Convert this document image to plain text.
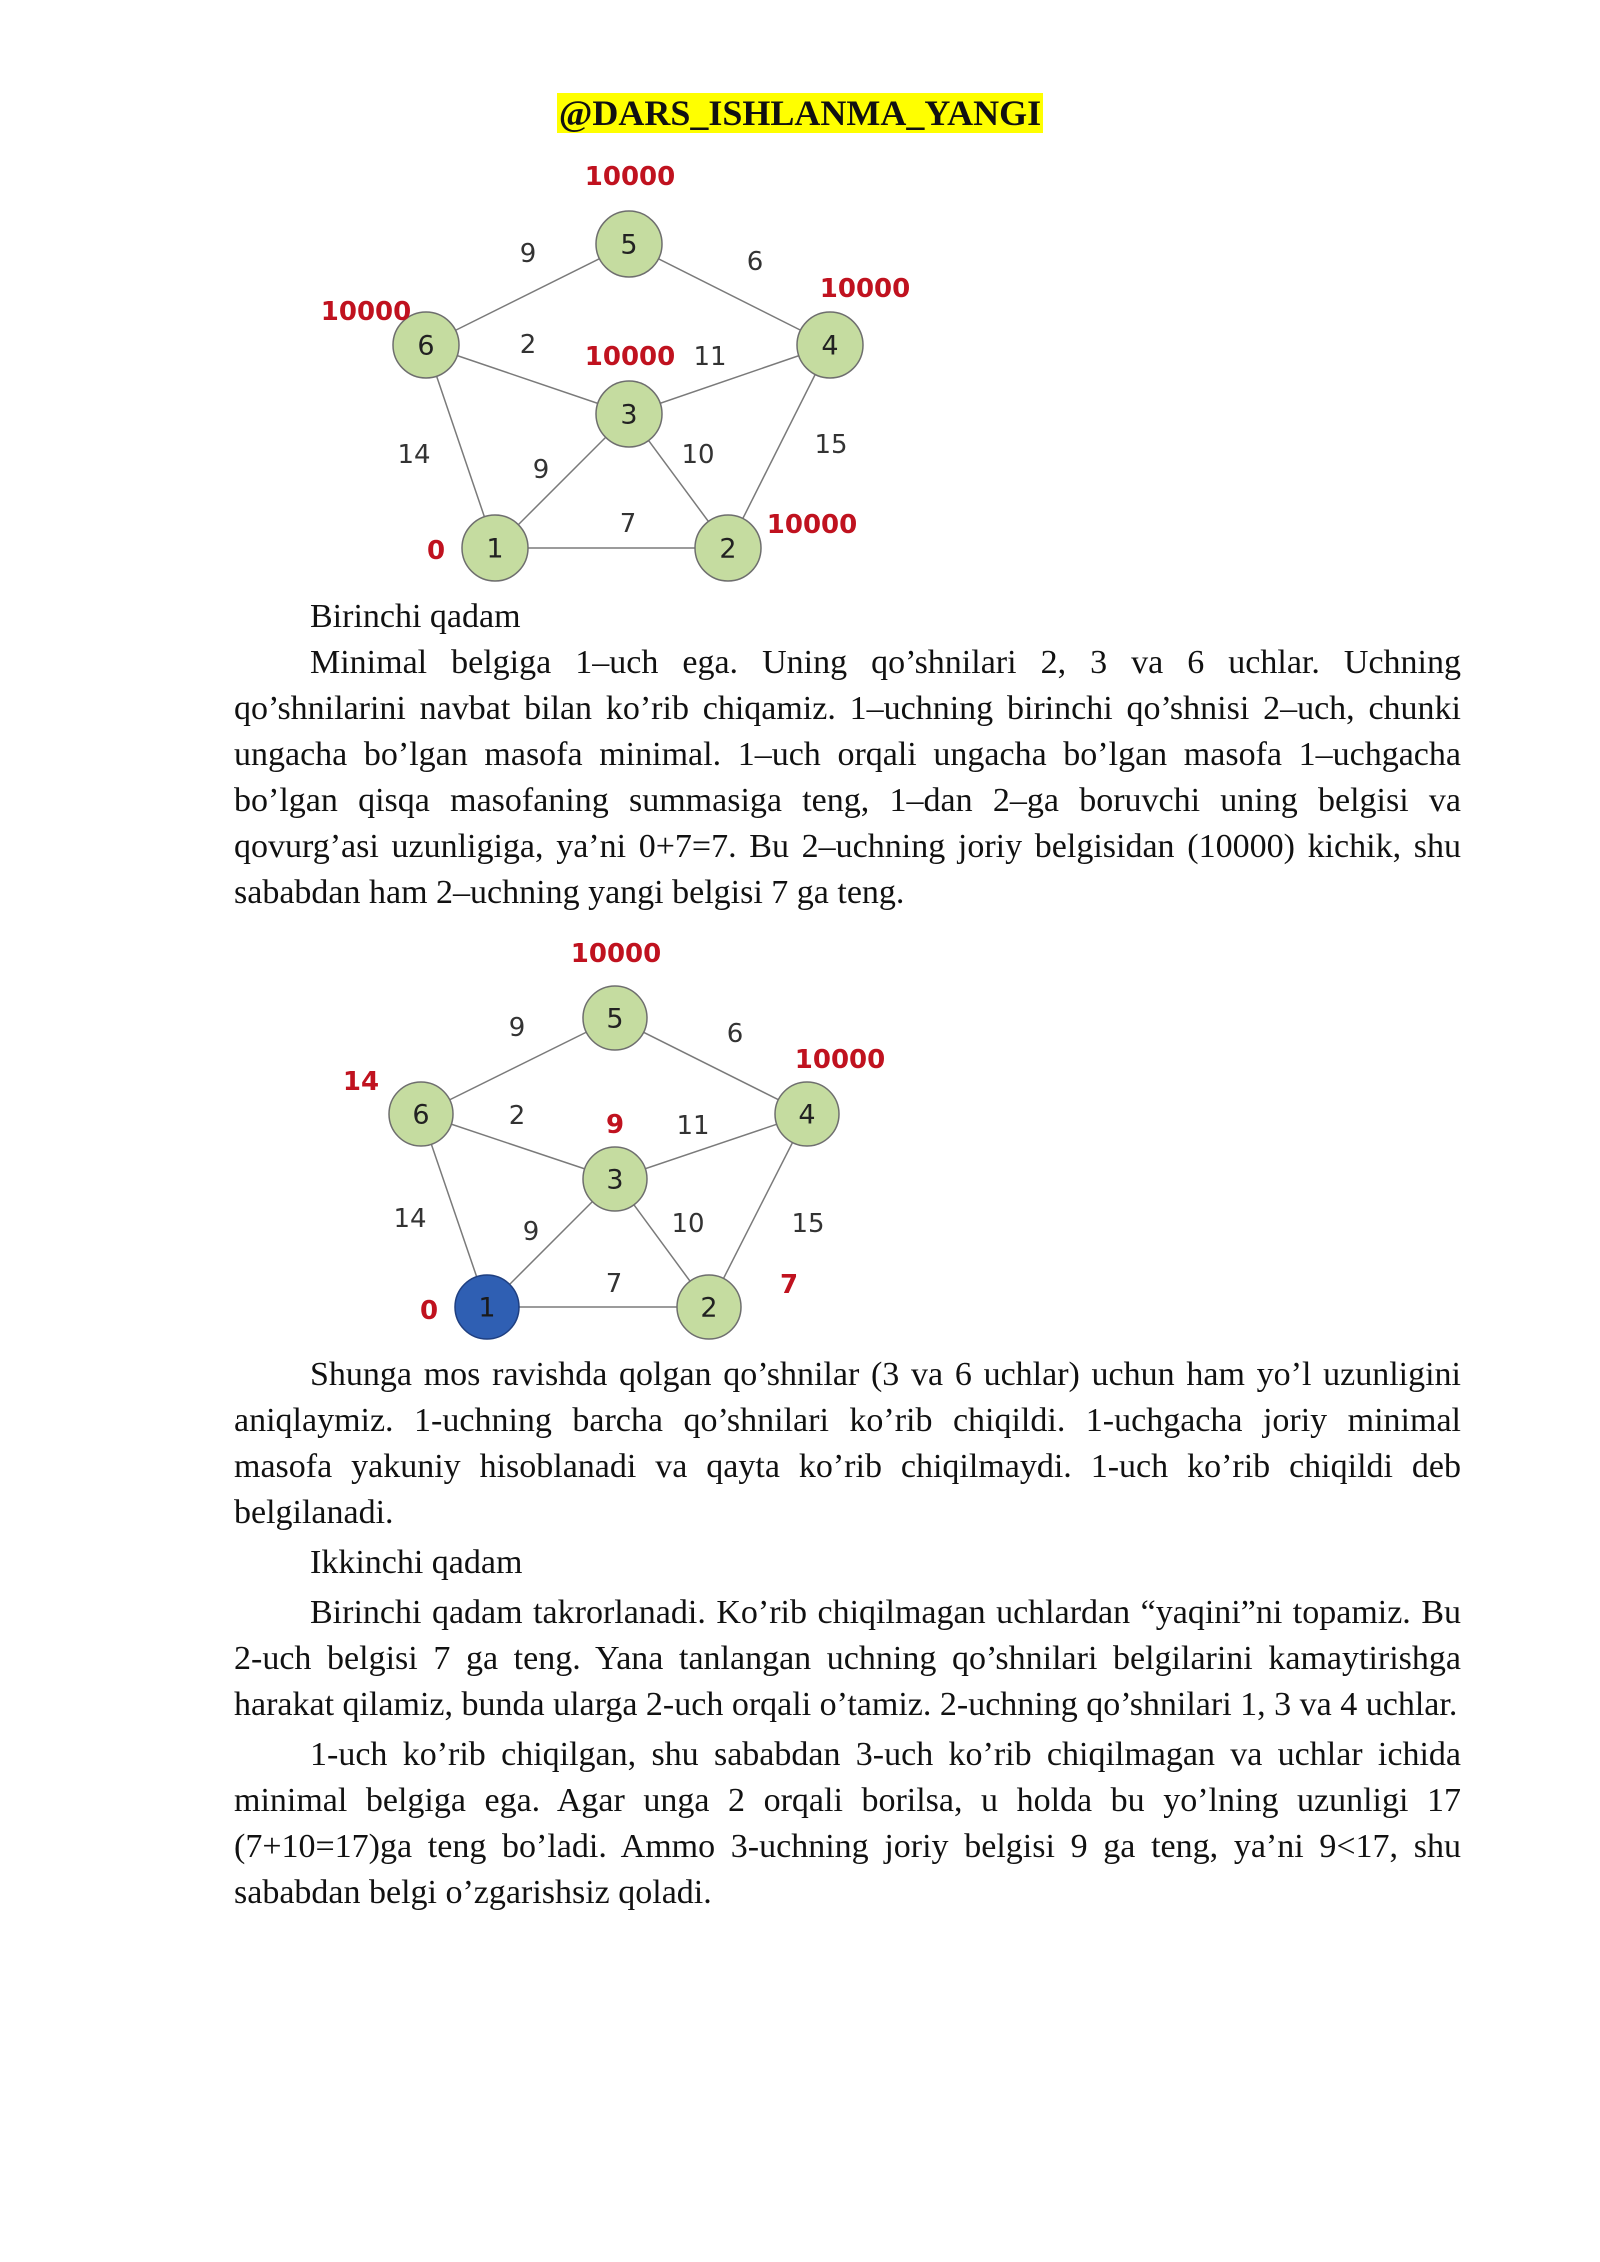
@DARS_ISHLANMA_YANGI
9	6
2	11
14	9	10	15
7
5
6	4
3
1	2
10000
10000
10000
10000
0
10000

Birinchi qadam

Minimal belgiga 1–uch ega. Uning qo’shnilari 2, 3 va 6 uchlar. Uchning qo’shnilarini navbat bilan ko’rib chiqamiz. 1–uchning birinchi qo’shnisi 2–uch, chunki ungacha bo’lgan masofa minimal. 1–uch orqali ungacha bo’lgan masofa 1–uchgacha bo’lgan qisqa masofaning summasiga teng, 1–dan 2–ga boruvchi uning belgisi va qovurg’asi uzunligiga, ya’ni 0+7=7. Bu 2–uchning joriy belgisidan (10000) kichik, shu sababdan ham 2–uchning yangi belgisi 7 ga teng.

9	6
2	11
14	9	10	15
7
5
6	4
3
1	2
10000
14
10000
9
0
7

Shunga mos ravishda qolgan qo’shnilar (3 va 6 uchlar) uchun ham yo’l uzunligini aniqlaymiz. 1-uchning barcha qo’shnilari ko’rib chiqildi. 1-uchgacha joriy minimal masofa yakuniy hisoblanadi va qayta ko’rib chiqilmaydi. 1-uch ko’rib chiqildi deb belgilanadi.

Ikkinchi qadam

Birinchi qadam takrorlanadi. Ko’rib chiqilmagan uchlardan “yaqini”ni topamiz. Bu 2-uch belgisi 7 ga teng. Yana tanlangan uchning qo’shnilari belgilarini kamaytirishga harakat qilamiz, bunda ularga 2-uch orqali o’tamiz. 2-uchning qo’shnilari 1, 3 va 4 uchlar.

1-uch ko’rib chiqilgan, shu sababdan 3-uch ko’rib chiqilmagan va uchlar ichida minimal belgiga ega. Agar unga 2 orqali borilsa, u holda bu yo’lning uzunligi 17 (7+10=17)ga teng bo’ladi. Ammo 3-uchning joriy belgisi 9 ga teng, ya’ni 9<17, shu sababdan belgi o’zgarishsiz qoladi.
